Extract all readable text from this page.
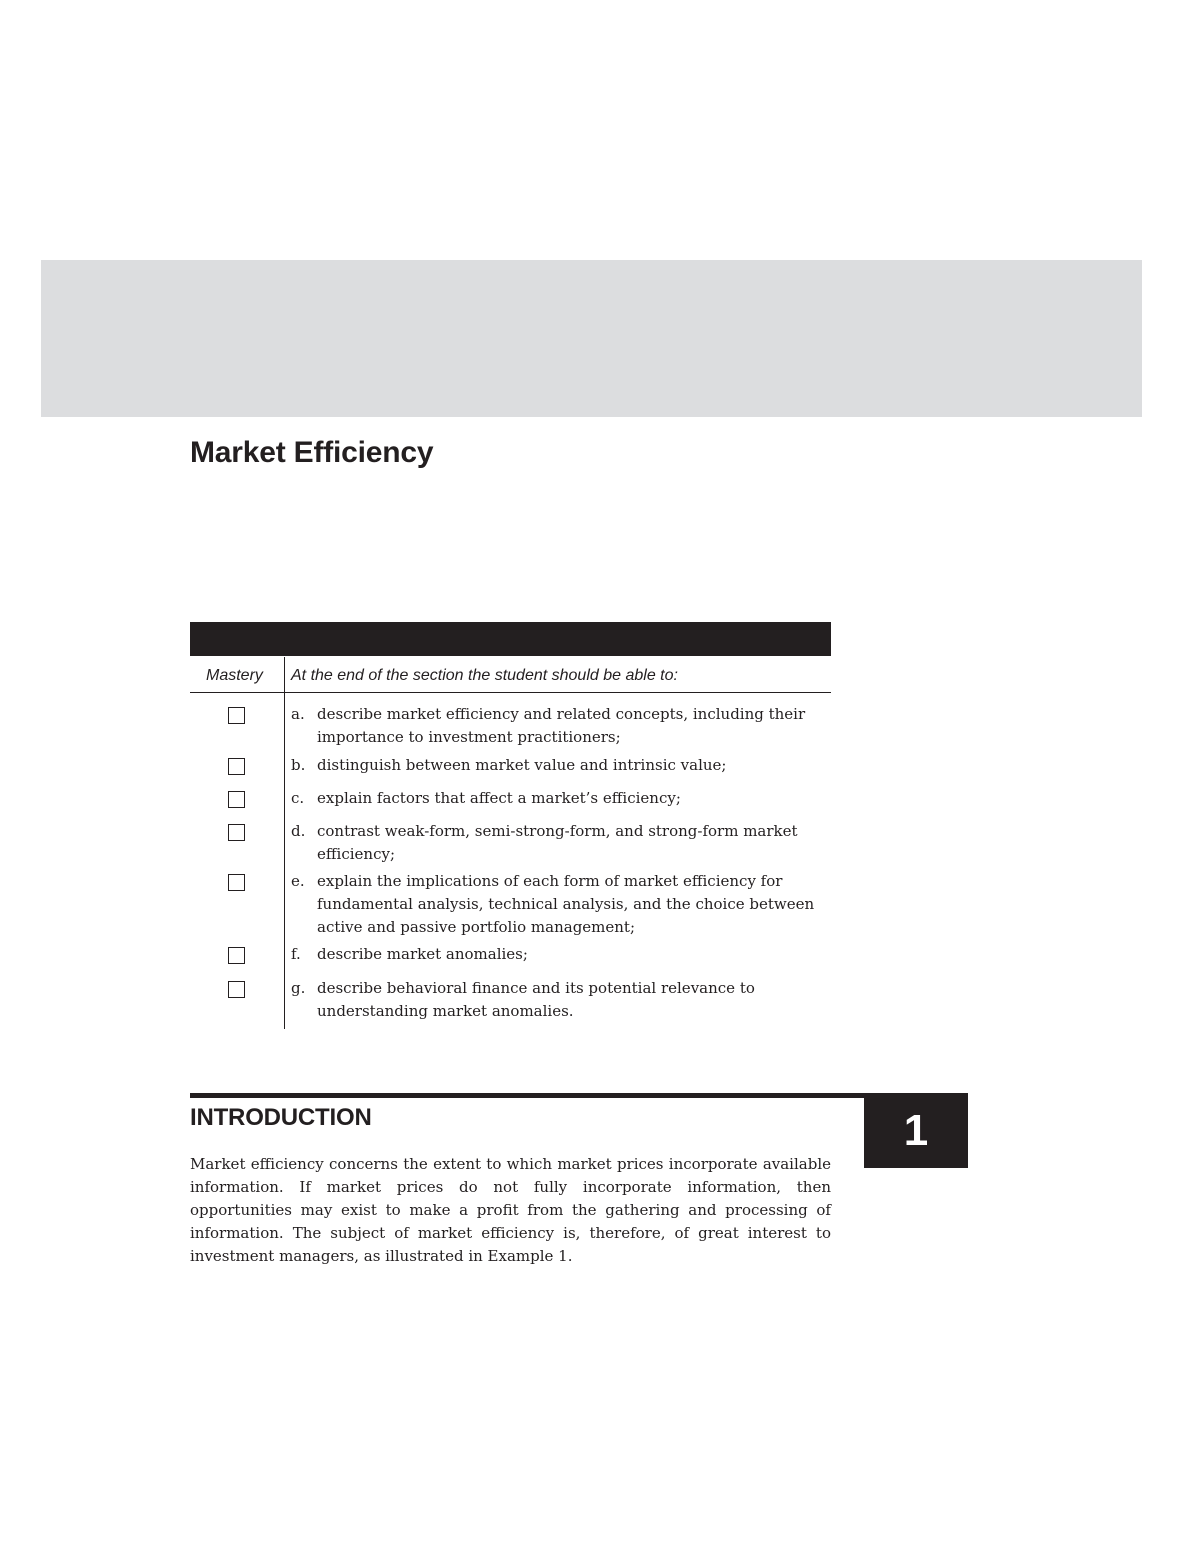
Market Efficiency

Mastery At the end of the section the student should be able to:

a. describe market efficiency and related concepts, including their importance to investment practitioners;
b. distinguish between market value and intrinsic value;
c. explain factors that affect a market’s efficiency;
d. contrast weak-form, semi-strong-form, and strong-form market efficiency;
e. explain the implications of each form of market efficiency for fundamental analysis, technical analysis, and the choice between active and passive portfolio management;
f. describe market anomalies;
g. describe behavioral finance and its potential relevance to understanding market anomalies.
INTRODUCTION	1

Market efficiency concerns the extent to which market prices incorporate available information. If market prices do not fully incorporate information, then opportunities may exist to make a profit from the gathering and processing of information. The subject of market efficiency is, therefore, of great interest to investment managers, as illustrated in Example 1.
